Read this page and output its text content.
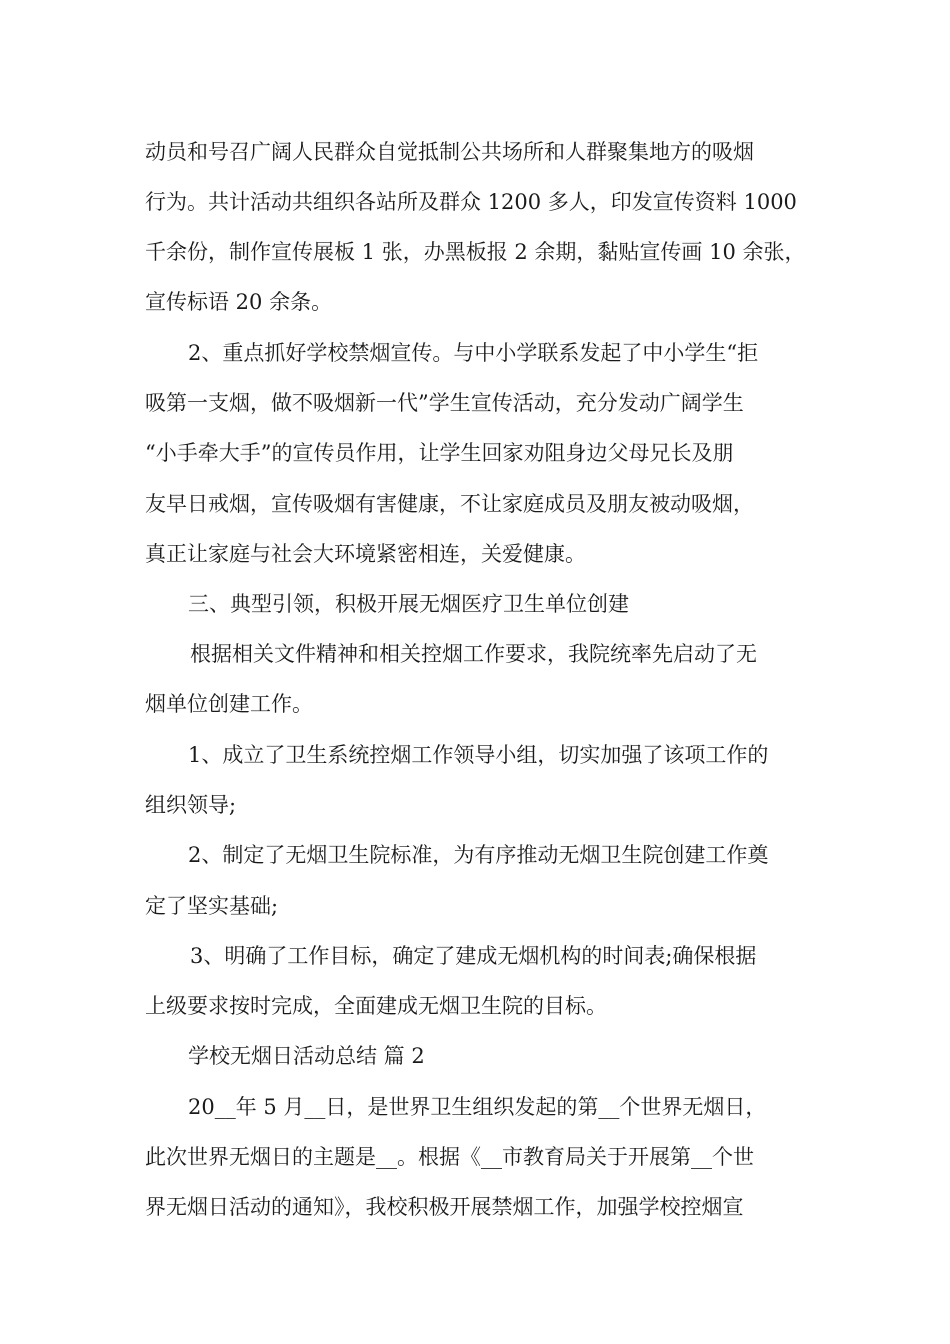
动员和号召广阔人民群众自觉抵制公共场所和人群聚集地方的吸烟
行为。共计活动共组织各站所及群众 1200 多人，印发宣传资料 1000
千余份，制作宣传展板 1 张，办黑板报 2 余期，黏贴宣传画 10 余张，
宣传标语 20 余条。
2、重点抓好学校禁烟宣传。与中小学联系发起了中小学生“拒
吸第一支烟，做不吸烟新一代”学生宣传活动，充分发动广阔学生
“小手牵大手”的宣传员作用，让学生回家劝阻身边父母兄长及朋
友早日戒烟，宣传吸烟有害健康，不让家庭成员及朋友被动吸烟，
真正让家庭与社会大环境紧密相连，关爱健康。
三、典型引领，积极开展无烟医疗卫生单位创建
根据相关文件精神和相关控烟工作要求，我院统率先启动了无
烟单位创建工作。
1、成立了卫生系统控烟工作领导小组，切实加强了该项工作的
组织领导;
2、制定了无烟卫生院标准，为有序推动无烟卫生院创建工作奠
定了坚实基础;
3、明确了工作目标，确定了建成无烟机构的时间表;确保根据
上级要求按时完成，全面建成无烟卫生院的目标。
学校无烟日活动总结 篇 2
20__年 5 月__日，是世界卫生组织发起的第__个世界无烟日，
此次世界无烟日的主题是__。根据《__市教育局关于开展第__个世
界无烟日活动的通知》，我校积极开展禁烟工作，加强学校控烟宣
